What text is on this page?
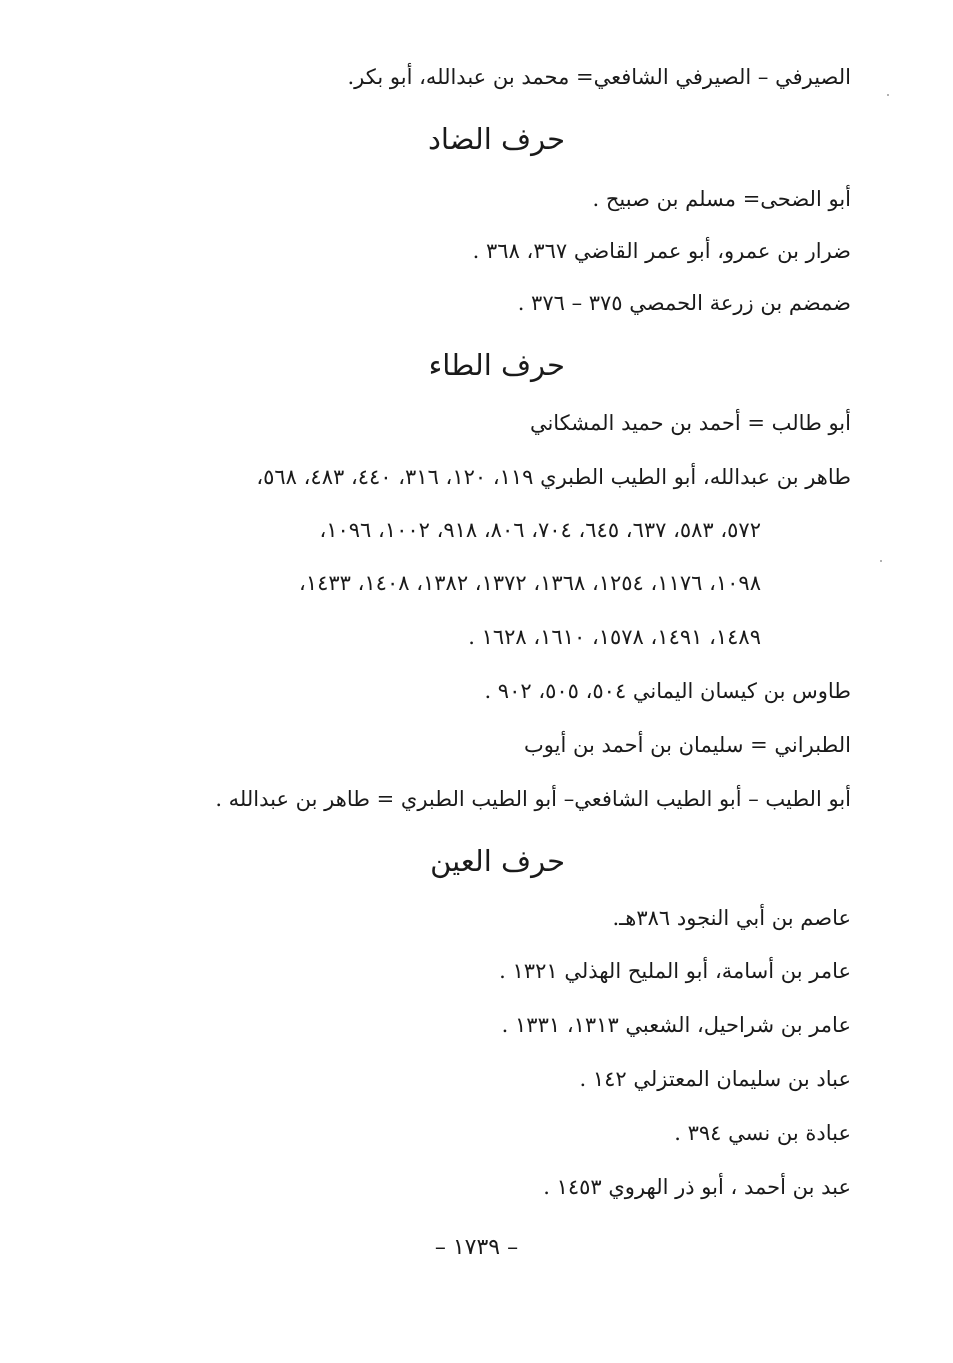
الصيرفي – الصيرفي الشافعي= محمد بن عبدالله، أبو بكر.
حرف الضاد
أبو الضحى= مسلم بن صبيح .
ضرار بن عمرو، أبو عمر القاضي ٣٦٧، ٣٦٨ .
ضمضم بن زرعة الحمصي ٣٧٥ – ٣٧٦ .
حرف الطاء
أبو طالب = أحمد بن حميد المشكاني
طاهر بن عبدالله، أبو الطيب الطبري ١١٩، ١٢٠، ٣١٦، ٤٤٠، ٤٨٣، ٥٦٨،
٥٧٢، ٥٨٣، ٦٣٧، ٦٤٥، ٧٠٤، ٨٠٦، ٩١٨، ١٠٠٢، ١٠٩٦،
١٠٩٨، ١١٧٦، ١٢٥٤، ١٣٦٨، ١٣٧٢، ١٣٨٢، ١٤٠٨، ١٤٣٣،
١٤٨٩، ١٤٩١، ١٥٧٨، ١٦١٠، ١٦٢٨ .
طاوس بن كيسان اليماني ٥٠٤، ٥٠٥، ٩٠٢ .
الطبراني = سليمان بن أحمد بن أيوب
أبو الطيب – أبو الطيب الشافعي– أبو الطيب الطبري = طاهر بن عبدالله .
حرف العين
عاصم بن أبي النجود ٣٨٦هـ.
عامر بن أسامة، أبو المليح الهذلي ١٣٢١ .
عامر بن شراحيل، الشعبي ١٣١٣، ١٣٣١ .
عباد بن سليمان المعتزلي ١٤٢ .
عبادة بن نسي ٣٩٤ .
عبد بن أحمد ، أبو ذر الهروي ١٤٥٣ .
– ١٧٣٩ –
